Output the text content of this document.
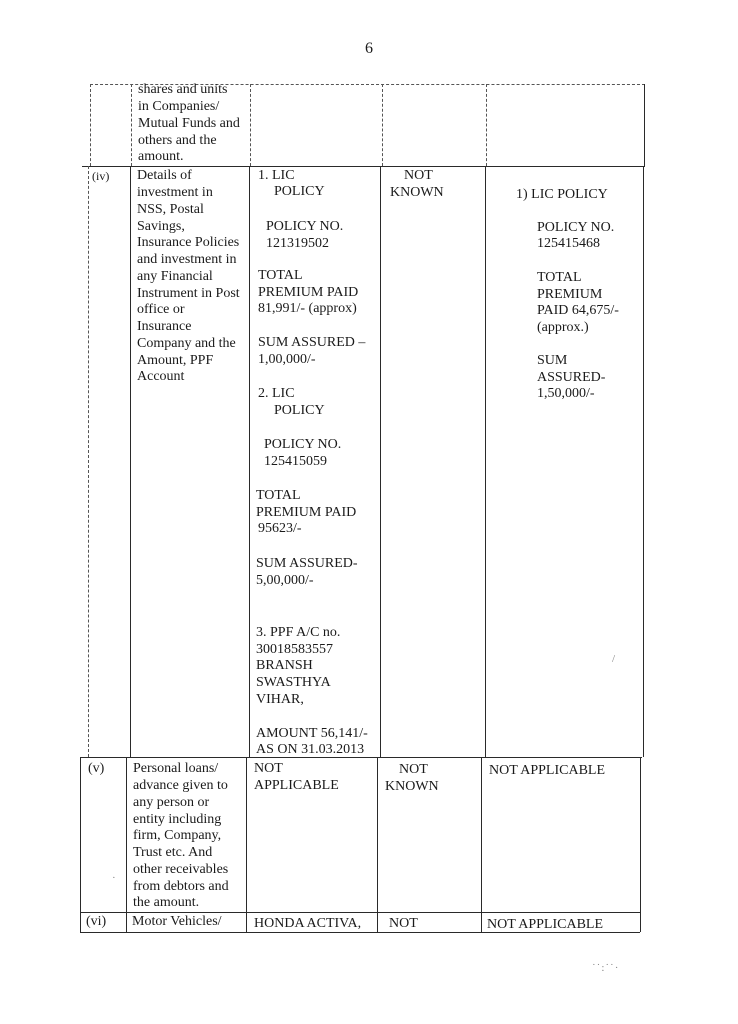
6
shares and units
in Companies/
Mutual Funds and
others and the
amount.
(iv) Details of
investment in
NSS, Postal
Savings,
Insurance Policies
and investment in
any Financial
Instrument in Post
office or
Insurance
Company and the
Amount, PPF
Account
1. LIC
POLICY
POLICY NO.
121319502
TOTAL
PREMIUM PAID
81,991/- (approx)
SUM ASSURED –
1,00,000/-
2. LIC
POLICY
POLICY NO.
125415059
TOTAL
PREMIUM PAID
95623/-
SUM ASSURED-
5,00,000/-
3. PPF A/C no.
30018583557
BRANSH
SWASTHYA
VIHAR,
AMOUNT 56,141/-
AS ON 31.03.2013
NOT
KNOWN	1) LIC POLICY
POLICY NO.
125415468
TOTAL
PREMIUM
PAID 64,675/-
(approx.)
SUM
ASSURED-
1,50,000/-
(v) Personal loans/
advance given to
any person or
entity including
firm, Company,
Trust etc. And
other receivables
from debtors and
the amount.
NOT
APPLICABLE
NOT
KNOWN
NOT APPLICABLE
·
(vi) Motor Vehicles/ HONDA ACTIVA, NOT	NOT APPLICABLE
/
˙˙:˙˙·
